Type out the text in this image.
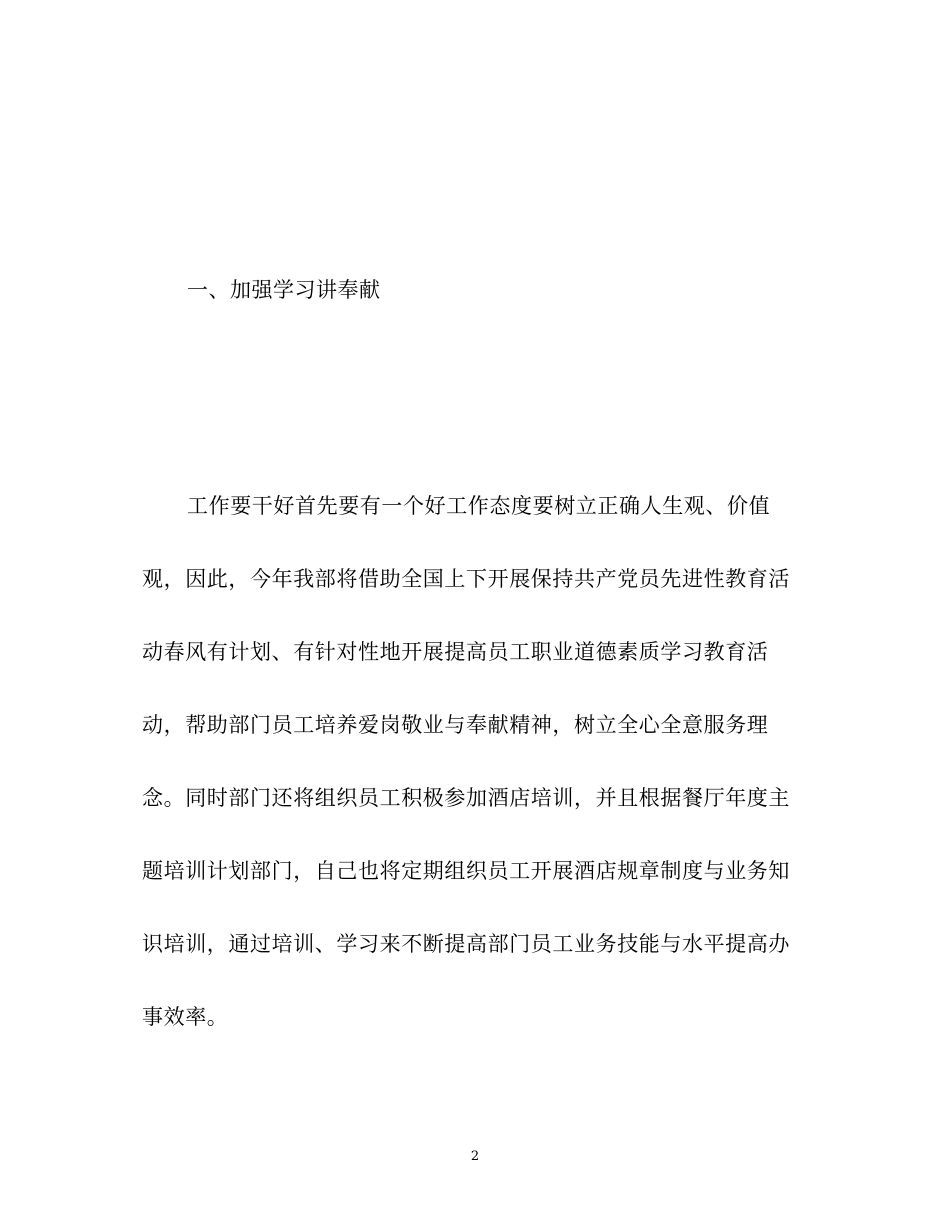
一、加强学习讲奉献
工作要干好首先要有一个好工作态度要树立正确人生观、价值
观，因此，今年我部将借助全国上下开展保持共产党员先进性教育活
动春风有计划、有针对性地开展提高员工职业道德素质学习教育活
动，帮助部门员工培养爱岗敬业与奉献精神，树立全心全意服务理
念。同时部门还将组织员工积极参加酒店培训，并且根据餐厅年度主
题培训计划部门，自己也将定期组织员工开展酒店规章制度与业务知
识培训，通过培训、学习来不断提高部门员工业务技能与水平提高办
事效率。
2
